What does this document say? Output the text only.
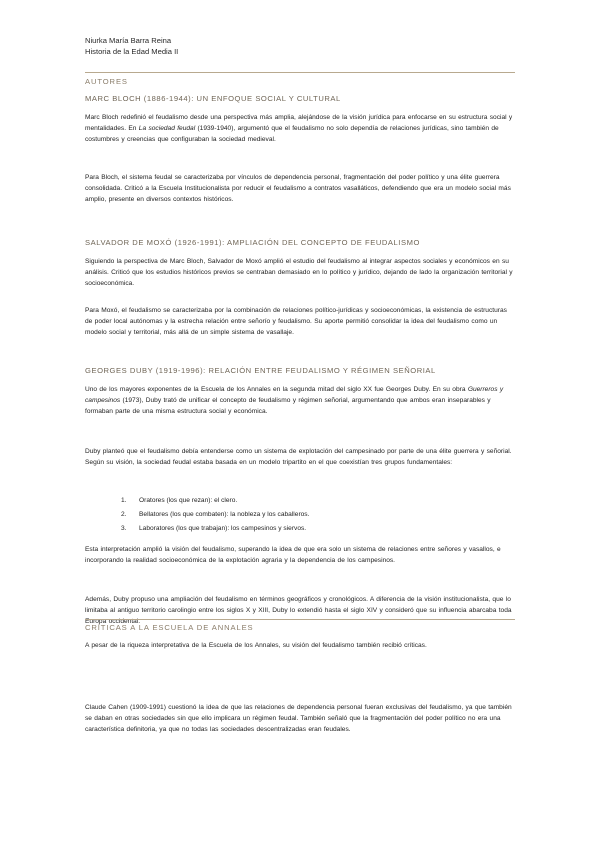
Niurka María Barra Reina
Historia de la Edad Media II
AUTORES
MARC BLOCH (1886-1944): UN ENFOQUE SOCIAL Y CULTURAL

Marc Bloch redefinió el feudalismo desde una perspectiva más amplia, alejándose de la visión jurídica para enfocarse en su estructura social y mentalidades. En La sociedad feudal (1939-1940), argumentó que el feudalismo no solo dependía de relaciones jurídicas, sino también de costumbres y creencias que configuraban la sociedad medieval.

Para Bloch, el sistema feudal se caracterizaba por vínculos de dependencia personal, fragmentación del poder político y una élite guerrera consolidada. Criticó a la Escuela Institucionalista por reducir el feudalismo a contratos vasalláticos, defendiendo que era un modelo social más amplio, presente en diversos contextos históricos.

SALVADOR DE MOXÓ (1926-1991): AMPLIACIÓN DEL CONCEPTO DE FEUDALISMO

Siguiendo la perspectiva de Marc Bloch, Salvador de Moxó amplió el estudio del feudalismo al integrar aspectos sociales y económicos en su análisis. Criticó que los estudios históricos previos se centraban demasiado en lo político y jurídico, dejando de lado la organización territorial y socioeconómica.

Para Moxó, el feudalismo se caracterizaba por la combinación de relaciones político-jurídicas y socioeconómicas, la existencia de estructuras de poder local autónomas y la estrecha relación entre señorío y feudalismo. Su aporte permitió consolidar la idea del feudalismo como un modelo social y territorial, más allá de un simple sistema de vasallaje.

GEORGES DUBY (1919-1996): RELACIÓN ENTRE FEUDALISMO Y RÉGIMEN SEÑORIAL

Uno de los mayores exponentes de la Escuela de los Annales en la segunda mitad del siglo XX fue Georges Duby. En su obra Guerreros y campesinos (1973), Duby trató de unificar el concepto de feudalismo y régimen señorial, argumentando que ambos eran inseparables y formaban parte de una misma estructura social y económica.

Duby planteó que el feudalismo debía entenderse como un sistema de explotación del campesinado por parte de una élite guerrera y señorial. Según su visión, la sociedad feudal estaba basada en un modelo tripartito en el que coexistían tres grupos fundamentales:

1. Oratores (los que rezan): el clero.
2. Bellatores (los que combaten): la nobleza y los caballeros.
3. Laboratores (los que trabajan): los campesinos y siervos.

Esta interpretación amplió la visión del feudalismo, superando la idea de que era solo un sistema de relaciones entre señores y vasallos, e incorporando la realidad socioeconómica de la explotación agraria y la dependencia de los campesinos.

Además, Duby propuso una ampliación del feudalismo en términos geográficos y cronológicos. A diferencia de la visión institucionalista, que lo limitaba al antiguo territorio carolingio entre los siglos X y XIII, Duby lo extendió hasta el siglo XIV y consideró que su influencia abarcaba toda Europa occidental.

CRÍTICAS A LA ESCUELA DE ANNALES

A pesar de la riqueza interpretativa de la Escuela de los Annales, su visión del feudalismo también recibió críticas.

Claude Cahen (1909-1991) cuestionó la idea de que las relaciones de dependencia personal fueran exclusivas del feudalismo, ya que también se daban en otras sociedades sin que ello implicara un régimen feudal. También señaló que la fragmentación del poder político no era una característica definitoria, ya que no todas las sociedades descentralizadas eran feudales.
